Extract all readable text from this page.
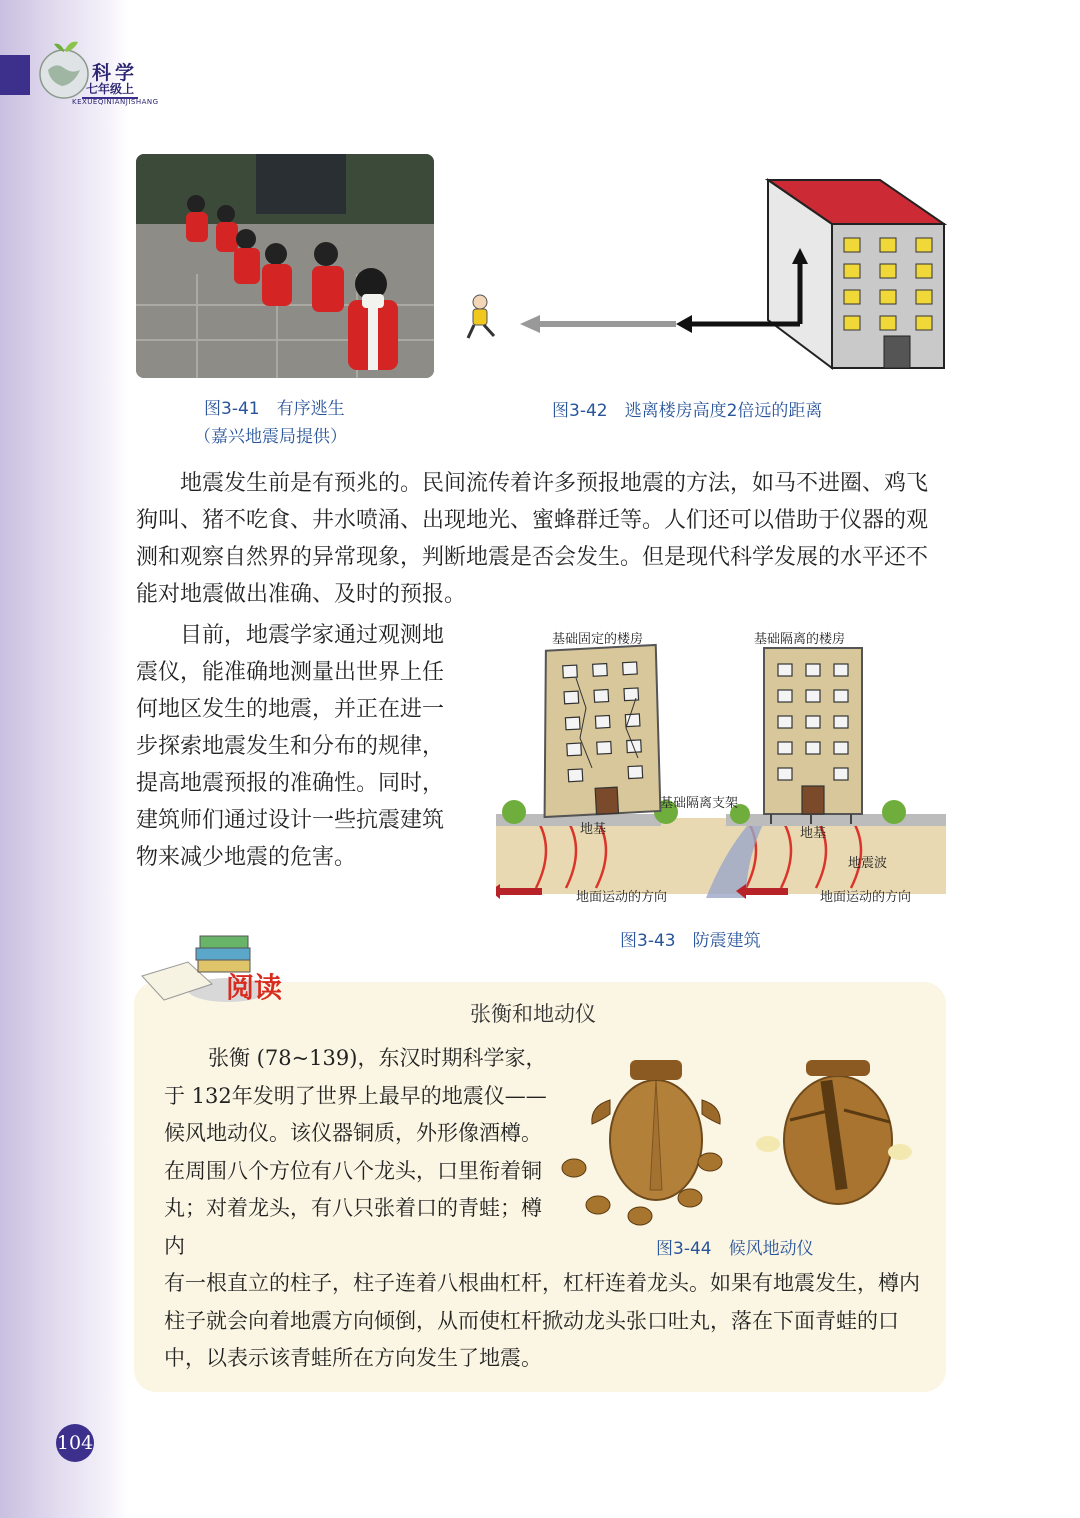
科学
七年级上
KEXUEQINIANJISHANG
图3-41　有序逃生
（嘉兴地震局提供）
图3-42　逃离楼房高度2倍远的距离

地震发生前是有预兆的。民间流传着许多预报地震的方法，如马不进圈、鸡飞狗叫、猪不吃食、井水喷涌、出现地光、蜜蜂群迁等。人们还可以借助于仪器的观测和观察自然界的异常现象，判断地震是否会发生。但是现代科学发展的水平还不能对地震做出准确、及时的预报。

目前，地震学家通过观测地震仪，能准确地测量出世界上任何地区发生的地震，并正在进一步探索地震发生和分布的规律，提高地震预报的准确性。同时，建筑师们通过设计一些抗震建筑物来减少地震的危害。

基础固定的楼房	基础隔离的楼房
基础隔离支架
地基	地基
地震波
地面运动的方向	地面运动的方向
图3-43　防震建筑
阅读
张衡和地动仪

张衡 (78~139)，东汉时期科学家，于 132年发明了世界上最早的地震仪—— 候风地动仪。该仪器铜质，外形像酒樽。在周围八个方位有八个龙头，口里衔着铜丸；对着龙头，有八只张着口的青蛙；樽内

有一根直立的柱子，柱子连着八根曲杠杆，杠杆连着龙头。如果有地震发生，樽内柱子就会向着地震方向倾倒，从而使杠杆掀动龙头张口吐丸，落在下面青蛙的口中，以表示该青蛙所在方向发生了地震。

图3-44　候风地动仪
104
